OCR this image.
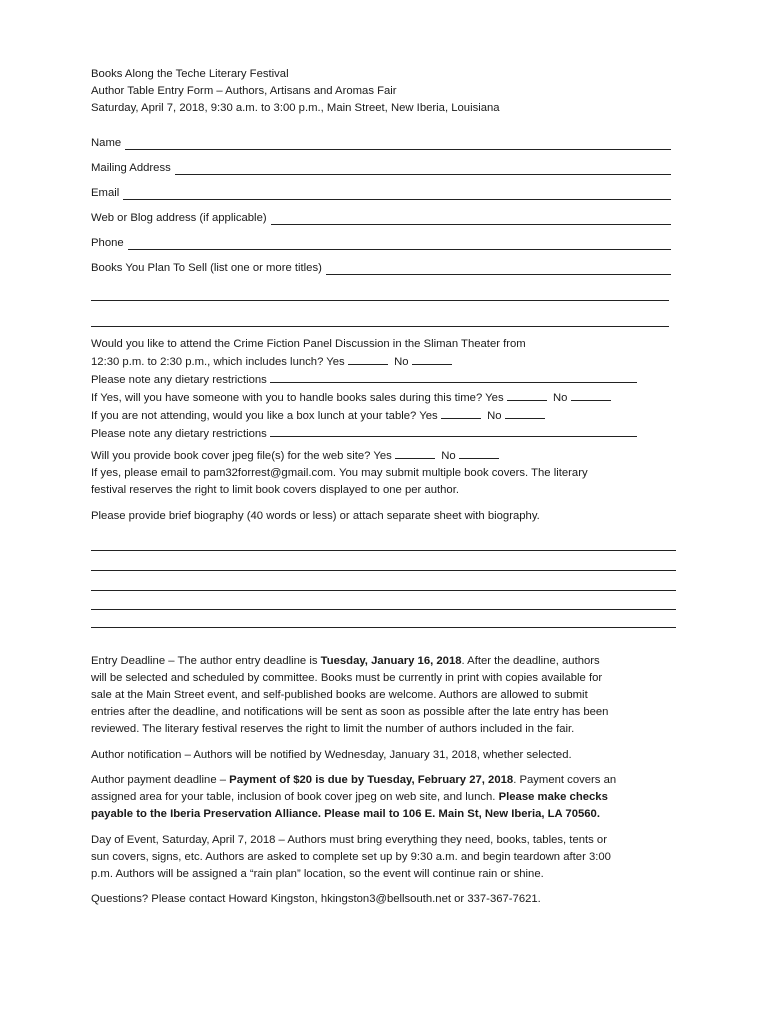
Books Along the Teche Literary Festival
Author Table Entry Form – Authors, Artisans and Aromas Fair
Saturday, April 7, 2018, 9:30 a.m. to 3:00 p.m., Main Street, New Iberia, Louisiana
Name
Mailing Address
Email
Web or Blog address (if applicable)
Phone
Books You Plan To Sell (list one or more titles)
Would you like to attend the Crime Fiction Panel Discussion in the Sliman Theater from
12:30 p.m. to 2:30 p.m., which includes lunch? Yes	No
Please note any dietary restrictions
If Yes, will you have someone with you to handle books sales during this time? Yes	No
If you are not attending, would you like a box lunch at your table? Yes	No
Please note any dietary restrictions
Will you provide book cover jpeg file(s) for the web site? Yes	No
If yes, please email to pam32forrest@gmail.com. You may submit multiple book covers. The literary
festival reserves the right to limit book covers displayed to one per author.
Please provide brief biography (40 words or less) or attach separate sheet with biography.
Entry Deadline – The author entry deadline is Tuesday, January 16, 2018. After the deadline, authors
will be selected and scheduled by committee. Books must be currently in print with copies available for
sale at the Main Street event, and self-published books are welcome. Authors are allowed to submit
entries after the deadline, and notifications will be sent as soon as possible after the late entry has been
reviewed. The literary festival reserves the right to limit the number of authors included in the fair.
Author notification – Authors will be notified by Wednesday, January 31, 2018, whether selected.
Author payment deadline – Payment of $20 is due by Tuesday, February 27, 2018. Payment covers an
assigned area for your table, inclusion of book cover jpeg on web site, and lunch. Please make checks
payable to the Iberia Preservation Alliance. Please mail to 106 E. Main St, New Iberia, LA 70560.
Day of Event, Saturday, April 7, 2018 – Authors must bring everything they need, books, tables, tents or
sun covers, signs, etc. Authors are asked to complete set up by 9:30 a.m. and begin teardown after 3:00
p.m. Authors will be assigned a “rain plan” location, so the event will continue rain or shine.
Questions? Please contact Howard Kingston, hkingston3@bellsouth.net or 337-367-7621.
